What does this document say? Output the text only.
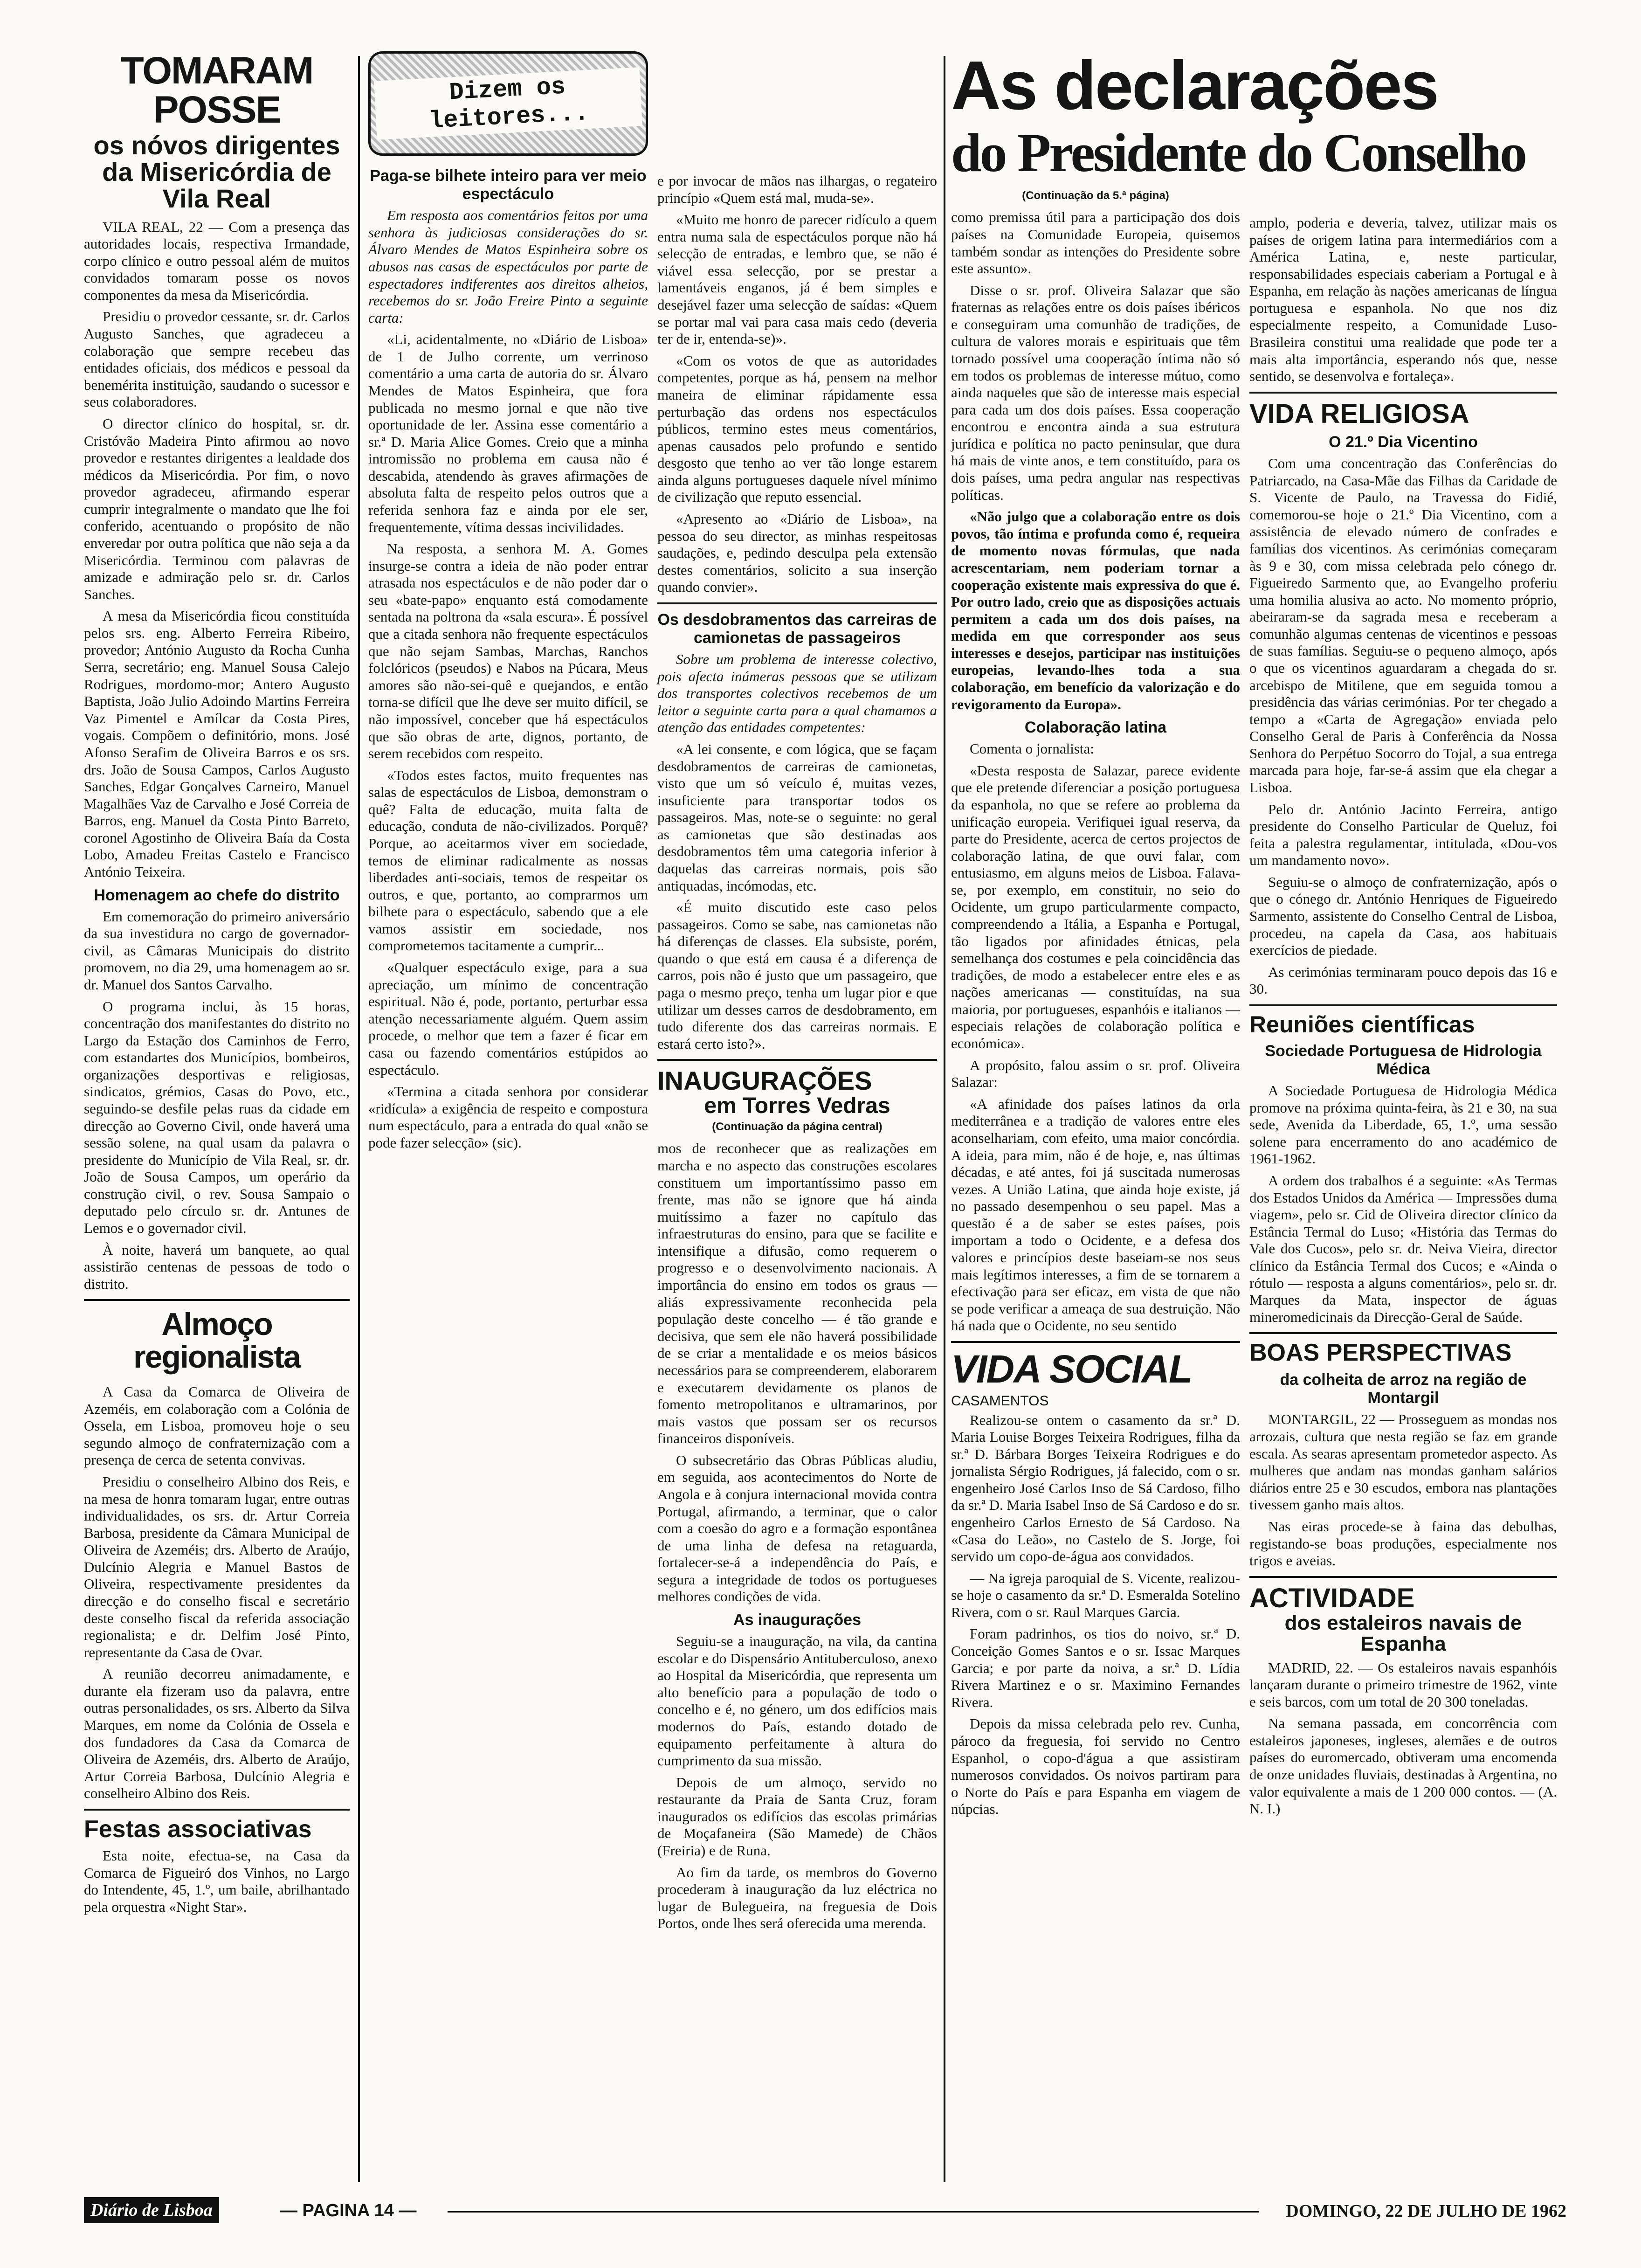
TOMARAM POSSE
os nóvos dirigentes da Misericórdia de Vila Real

VILA REAL, 22 — Com a presença das autoridades locais, respectiva Irmandade, corpo clínico e outro pessoal além de muitos convidados tomaram posse os novos componentes da mesa da Misericórdia.

Presidiu o provedor cessante, sr. dr. Carlos Augusto Sanches, que agradeceu a colaboração que sempre recebeu das entidades oficiais, dos médicos e pessoal da benemérita instituição, saudando o sucessor e seus colaboradores.

O director clínico do hospital, sr. dr. Cristóvão Madeira Pinto afirmou ao novo provedor e restantes dirigentes a lealdade dos médicos da Misericórdia. Por fim, o novo provedor agradeceu, afirmando esperar cumprir integralmente o mandato que lhe foi conferido, acentuando o propósito de não enveredar por outra política que não seja a da Misericórdia. Terminou com palavras de amizade e admiração pelo sr. dr. Carlos Sanches.

A mesa da Misericórdia ficou constituída pelos srs. eng. Alberto Ferreira Ribeiro, provedor; António Augusto da Rocha Cunha Serra, secretário; eng. Manuel Sousa Calejo Rodrigues, mordomo-mor; Antero Augusto Baptista, João Julio Adoindo Martins Ferreira Vaz Pimentel e Amílcar da Costa Pires, vogais. Compõem o definitório, mons. José Afonso Serafim de Oliveira Barros e os srs. drs. João de Sousa Campos, Carlos Augusto Sanches, Edgar Gonçalves Carneiro, Manuel Magalhães Vaz de Carvalho e José Correia de Barros, eng. Manuel da Costa Pinto Barreto, coronel Agostinho de Oliveira Baía da Costa Lobo, Amadeu Freitas Castelo e Francisco António Teixeira.

Homenagem ao chefe do distrito

Em comemoração do primeiro aniversário da sua investidura no cargo de governador-civil, as Câmaras Municipais do distrito promovem, no dia 29, uma homenagem ao sr. dr. Manuel dos Santos Carvalho.

O programa inclui, às 15 horas, concentração dos manifestantes do distrito no Largo da Estação dos Caminhos de Ferro, com estandartes dos Municípios, bombeiros, organizações desportivas e religiosas, sindicatos, grémios, Casas do Povo, etc., seguindo-se desfile pelas ruas da cidade em direcção ao Governo Civil, onde haverá uma sessão solene, na qual usam da palavra o presidente do Município de Vila Real, sr. dr. João de Sousa Campos, um operário da construção civil, o rev. Sousa Sampaio o deputado pelo círculo sr. dr. Antunes de Lemos e o governador civil.

À noite, haverá um banquete, ao qual assistirão centenas de pessoas de todo o distrito.

Almoço regionalista

A Casa da Comarca de Oliveira de Azeméis, em colaboração com a Colónia de Ossela, em Lisboa, promoveu hoje o seu segundo almoço de confraternização com a presença de cerca de setenta convivas.

Presidiu o conselheiro Albino dos Reis, e na mesa de honra tomaram lugar, entre outras individualidades, os srs. dr. Artur Correia Barbosa, presidente da Câmara Municipal de Oliveira de Azeméis; drs. Alberto de Araújo, Dulcínio Alegria e Manuel Bastos de Oliveira, respectivamente presidentes da direcção e do conselho fiscal e secretário deste conselho fiscal da referida associação regionalista; e dr. Delfim José Pinto, representante da Casa de Ovar.

A reunião decorreu animadamente, e durante ela fizeram uso da palavra, entre outras personalidades, os srs. Alberto da Silva Marques, em nome da Colónia de Ossela e dos fundadores da Casa da Comarca de Oliveira de Azeméis, drs. Alberto de Araújo, Artur Correia Barbosa, Dulcínio Alegria e conselheiro Albino dos Reis.

Festas associativas

Esta noite, efectua-se, na Casa da Comarca de Figueiró dos Vinhos, no Largo do Intendente, 45, 1.º, um baile, abrilhantado pela orquestra «Night Star».

Dizem os leitores...
Paga-se bilhete inteiro para ver meio espectáculo

Em resposta aos comentários feitos por uma senhora às judiciosas considerações do sr. Álvaro Mendes de Matos Espinheira sobre os abusos nas casas de espectáculos por parte de espectadores indiferentes aos direitos alheios, recebemos do sr. João Freire Pinto a seguinte carta:

«Li, acidentalmente, no «Diário de Lisboa» de 1 de Julho corrente, um verrinoso comentário a uma carta de autoria do sr. Álvaro Mendes de Matos Espinheira, que fora publicada no mesmo jornal e que não tive oportunidade de ler. Assina esse comentário a sr.ª D. Maria Alice Gomes. Creio que a minha intromissão no problema em causa não é descabida, atendendo às graves afirmações de absoluta falta de respeito pelos outros que a referida senhora faz e ainda por ele ser, frequentemente, vítima dessas incivilidades.

Na resposta, a senhora M. A. Gomes insurge-se contra a ideia de não poder entrar atrasada nos espectáculos e de não poder dar o seu «bate-papo» enquanto está comodamente sentada na poltrona da «sala escura». É possível que a citada senhora não frequente espectáculos que não sejam Sambas, Marchas, Ranchos folclóricos (pseudos) e Nabos na Púcara, Meus amores são não-sei-quê e quejandos, e então torna-se difícil que lhe deve ser muito difícil, se não impossível, conceber que há espectáculos que são obras de arte, dignos, portanto, de serem recebidos com respeito.

«Todos estes factos, muito frequentes nas salas de espectáculos de Lisboa, demonstram o quê? Falta de educação, muita falta de educação, conduta de não-civilizados. Porquê? Porque, ao aceitarmos viver em sociedade, temos de eliminar radicalmente as nossas liberdades anti-sociais, temos de respeitar os outros, e que, portanto, ao comprarmos um bilhete para o espectáculo, sabendo que a ele vamos assistir em sociedade, nos comprometemos tacitamente a cumprir...

«Qualquer espectáculo exige, para a sua apreciação, um mínimo de concentração espiritual. Não é, pode, portanto, perturbar essa atenção necessariamente alguém. Quem assim procede, o melhor que tem a fazer é ficar em casa ou fazendo comentários estúpidos ao espectáculo.

«Termina a citada senhora por considerar «ridícula» a exigência de respeito e compostura num espectáculo, para a entrada do qual «não se pode fazer selecção» (sic).

e por invocar de mãos nas ilhargas, o regateiro princípio «Quem está mal, muda-se».

«Muito me honro de parecer ridículo a quem entra numa sala de espectáculos porque não há selecção de entradas, e lembro que, se não é viável essa selecção, por se prestar a lamentáveis enganos, já é bem simples e desejável fazer uma selecção de saídas: «Quem se portar mal vai para casa mais cedo (deveria ter de ir, entenda-se)».

«Com os votos de que as autoridades competentes, porque as há, pensem na melhor maneira de eliminar rápidamente essa perturbação das ordens nos espectáculos públicos, termino estes meus comentários, apenas causados pelo profundo e sentido desgosto que tenho ao ver tão longe estarem ainda alguns portugueses daquele nível mínimo de civilização que reputo essencial.

«Apresento ao «Diário de Lisboa», na pessoa do seu director, as minhas respeitosas saudações, e, pedindo desculpa pela extensão destes comentários, solicito a sua inserção quando convier».

Os desdobramentos das carreiras de camionetas de passageiros

Sobre um problema de interesse colectivo, pois afecta inúmeras pessoas que se utilizam dos transportes colectivos recebemos de um leitor a seguinte carta para a qual chamamos a atenção das entidades competentes:

«A lei consente, e com lógica, que se façam desdobramentos de carreiras de camionetas, visto que um só veículo é, muitas vezes, insuficiente para transportar todos os passageiros. Mas, note-se o seguinte: no geral as camionetas que são destinadas aos desdobramentos têm uma categoria inferior à daquelas das carreiras normais, pois são antiquadas, incómodas, etc.

«É muito discutido este caso pelos passageiros. Como se sabe, nas camionetas não há diferenças de classes. Ela subsiste, porém, quando o que está em causa é a diferença de carros, pois não é justo que um passageiro, que paga o mesmo preço, tenha um lugar pior e que utilizar um desses carros de desdobramento, em tudo diferente dos das carreiras normais. E estará certo isto?».

INAUGURAÇÕES
em Torres Vedras
(Continuação da página central)

mos de reconhecer que as realizações em marcha e no aspecto das construções escolares constituem um importantíssimo passo em frente, mas não se ignore que há ainda muitíssimo a fazer no capítulo das infraestruturas do ensino, para que se facilite e intensifique a difusão, como requerem o progresso e o desenvolvimento nacionais. A importância do ensino em todos os graus — aliás expressivamente reconhecida pela população deste concelho — é tão grande e decisiva, que sem ele não haverá possibilidade de se criar a mentalidade e os meios básicos necessários para se compreenderem, elaborarem e executarem devidamente os planos de fomento metropolitanos e ultramarinos, por mais vastos que possam ser os recursos financeiros disponíveis.

O subsecretário das Obras Públicas aludiu, em seguida, aos acontecimentos do Norte de Angola e à conjura internacional movida contra Portugal, afirmando, a terminar, que o calor com a coesão do agro e a formação espontânea de uma linha de defesa na retaguarda, fortalecer-se-á a independência do País, e segura a integridade de todos os portugueses melhores condições de vida.

As inaugurações

Seguiu-se a inauguração, na vila, da cantina escolar e do Dispensário Antituberculoso, anexo ao Hospital da Misericórdia, que representa um alto benefício para a população de todo o concelho e é, no género, um dos edifícios mais modernos do País, estando dotado de equipamento perfeitamente à altura do cumprimento da sua missão.

Depois de um almoço, servido no restaurante da Praia de Santa Cruz, foram inaugurados os edifícios das escolas primárias de Moçafaneira (São Mamede) de Chãos (Freiria) e de Runa.

Ao fim da tarde, os membros do Governo procederam à inauguração da luz eléctrica no lugar de Bulegueira, na freguesia de Dois Portos, onde lhes será oferecida uma merenda.

As declarações
do Presidente do Conselho
(Continuação da 5.ª página)

como premissa útil para a participação dos dois países na Comunidade Europeia, quisemos também sondar as intenções do Presidente sobre este assunto».

Disse o sr. prof. Oliveira Salazar que são fraternas as relações entre os dois países ibéricos e conseguiram uma comunhão de tradições, de cultura de valores morais e espirituais que têm tornado possível uma cooperação íntima não só em todos os problemas de interesse mútuo, como ainda naqueles que são de interesse mais especial para cada um dos dois países. Essa cooperação encontrou e encontra ainda a sua estrutura jurídica e política no pacto peninsular, que dura há mais de vinte anos, e tem constituído, para os dois países, uma pedra angular nas respectivas políticas.

«Não julgo que a colaboração entre os dois povos, tão íntima e profunda como é, requeira de momento novas fórmulas, que nada acrescentariam, nem poderiam tornar a cooperação existente mais expressiva do que é. Por outro lado, creio que as disposições actuais permitem a cada um dos dois países, na medida em que corresponder aos seus interesses e desejos, participar nas instituições europeias, levando-lhes toda a sua colaboração, em benefício da valorização e do revigoramento da Europa».

Colaboração latina

Comenta o jornalista:

«Desta resposta de Salazar, parece evidente que ele pretende diferenciar a posição portuguesa da espanhola, no que se refere ao problema da unificação europeia. Verifiquei igual reserva, da parte do Presidente, acerca de certos projectos de colaboração latina, de que ouvi falar, com entusiasmo, em alguns meios de Lisboa. Falava-se, por exemplo, em constituir, no seio do Ocidente, um grupo particularmente compacto, compreendendo a Itália, a Espanha e Portugal, tão ligados por afinidades étnicas, pela semelhança dos costumes e pela coincidência das tradições, de modo a estabelecer entre eles e as nações americanas — constituídas, na sua maioria, por portugueses, espanhóis e italianos — especiais relações de colaboração política e económica».

A propósito, falou assim o sr. prof. Oliveira Salazar:

«A afinidade dos países latinos da orla mediterrânea e a tradição de valores entre eles aconselhariam, com efeito, uma maior concórdia. A ideia, para mim, não é de hoje, e, nas últimas décadas, e até antes, foi já suscitada numerosas vezes. A União Latina, que ainda hoje existe, já no passado desempenhou o seu papel. Mas a questão é a de saber se estes países, pois importam a todo o Ocidente, e a defesa dos valores e princípios deste baseiam-se nos seus mais legítimos interesses, a fim de se tornarem a efectivação para ser eficaz, em vista de que não se pode verificar a ameaça de sua destruição. Não há nada que o Ocidente, no seu sentido

VIDA SOCIAL
CASAMENTOS

Realizou-se ontem o casamento da sr.ª D. Maria Louise Borges Teixeira Rodrigues, filha da sr.ª D. Bárbara Borges Teixeira Rodrigues e do jornalista Sérgio Rodrigues, já falecido, com o sr. engenheiro José Carlos Inso de Sá Cardoso, filho da sr.ª D. Maria Isabel Inso de Sá Cardoso e do sr. engenheiro Carlos Ernesto de Sá Cardoso. Na «Casa do Leão», no Castelo de S. Jorge, foi servido um copo-de-água aos convidados.

— Na igreja paroquial de S. Vicente, realizou-se hoje o casamento da sr.ª D. Esmeralda Sotelino Rivera, com o sr. Raul Marques Garcia.

Foram padrinhos, os tios do noivo, sr.ª D. Conceição Gomes Santos e o sr. Issac Marques Garcia; e por parte da noiva, a sr.ª D. Lídia Rivera Martinez e o sr. Maximino Fernandes Rivera.

Depois da missa celebrada pelo rev. Cunha, pároco da freguesia, foi servido no Centro Espanhol, o copo-d'água a que assistiram numerosos convidados. Os noivos partiram para o Norte do País e para Espanha em viagem de núpcias.

amplo, poderia e deveria, talvez, utilizar mais os países de origem latina para intermediários com a América Latina, e, neste particular, responsabilidades especiais caberiam a Portugal e à Espanha, em relação às nações americanas de língua portuguesa e espanhola. No que nos diz especialmente respeito, a Comunidade Luso-Brasileira constitui uma realidade que pode ter a mais alta importância, esperando nós que, nesse sentido, se desenvolva e fortaleça».

VIDA RELIGIOSA
O 21.º Dia Vicentino

Com uma concentração das Conferências do Patriarcado, na Casa-Mãe das Filhas da Caridade de S. Vicente de Paulo, na Travessa do Fidié, comemorou-se hoje o 21.º Dia Vicentino, com a assistência de elevado número de confrades e famílias dos vicentinos. As cerimónias começaram às 9 e 30, com missa celebrada pelo cónego dr. Figueiredo Sarmento que, ao Evangelho proferiu uma homilia alusiva ao acto. No momento próprio, abeiraram-se da sagrada mesa e receberam a comunhão algumas centenas de vicentinos e pessoas de suas famílias. Seguiu-se o pequeno almoço, após o que os vicentinos aguardaram a chegada do sr. arcebispo de Mitilene, que em seguida tomou a presidência das várias cerimónias. Por ter chegado a tempo a «Carta de Agregação» enviada pelo Conselho Geral de Paris à Conferência da Nossa Senhora do Perpétuo Socorro do Tojal, a sua entrega marcada para hoje, far-se-á assim que ela chegar a Lisboa.

Pelo dr. António Jacinto Ferreira, antigo presidente do Conselho Particular de Queluz, foi feita a palestra regulamentar, intitulada, «Dou-vos um mandamento novo».

Seguiu-se o almoço de confraternização, após o que o cónego dr. António Henriques de Figueiredo Sarmento, assistente do Conselho Central de Lisboa, procedeu, na capela da Casa, aos habituais exercícios de piedade.

As cerimónias terminaram pouco depois das 16 e 30.

Reuniões científicas
Sociedade Portuguesa de Hidrologia Médica

A Sociedade Portuguesa de Hidrologia Médica promove na próxima quinta-feira, às 21 e 30, na sua sede, Avenida da Liberdade, 65, 1.º, uma sessão solene para encerramento do ano académico de 1961-1962.

A ordem dos trabalhos é a seguinte: «As Termas dos Estados Unidos da América — Impressões duma viagem», pelo sr. Cid de Oliveira director clínico da Estância Termal do Luso; «História das Termas do Vale dos Cucos», pelo sr. dr. Neiva Vieira, director clínico da Estância Termal dos Cucos; e «Ainda o rótulo — resposta a alguns comentários», pelo sr. dr. Marques da Mata, inspector de águas mineromedicinais da Direcção-Geral de Saúde.

BOAS PERSPECTIVAS
da colheita de arroz na região de Montargil

MONTARGIL, 22 — Prosseguem as mondas nos arrozais, cultura que nesta região se faz em grande escala. As searas apresentam prometedor aspecto. As mulheres que andam nas mondas ganham salários diários entre 25 e 30 escudos, embora nas plantações tivessem ganho mais altos.

Nas eiras procede-se à faina das debulhas, registando-se boas produções, especialmente nos trigos e aveias.

ACTIVIDADE
dos estaleiros navais de Espanha

MADRID, 22. — Os estaleiros navais espanhóis lançaram durante o primeiro trimestre de 1962, vinte e seis barcos, com um total de 20 300 toneladas.

Na semana passada, em concorrência com estaleiros japoneses, ingleses, alemães e de outros países do euromercado, obtiveram uma encomenda de onze unidades fluviais, destinadas à Argentina, no valor equivalente a mais de 1 200 000 contos. — (A. N. I.)

Diário de Lisboa	— PAGINA 14 —	DOMINGO, 22 DE JULHO DE 1962
